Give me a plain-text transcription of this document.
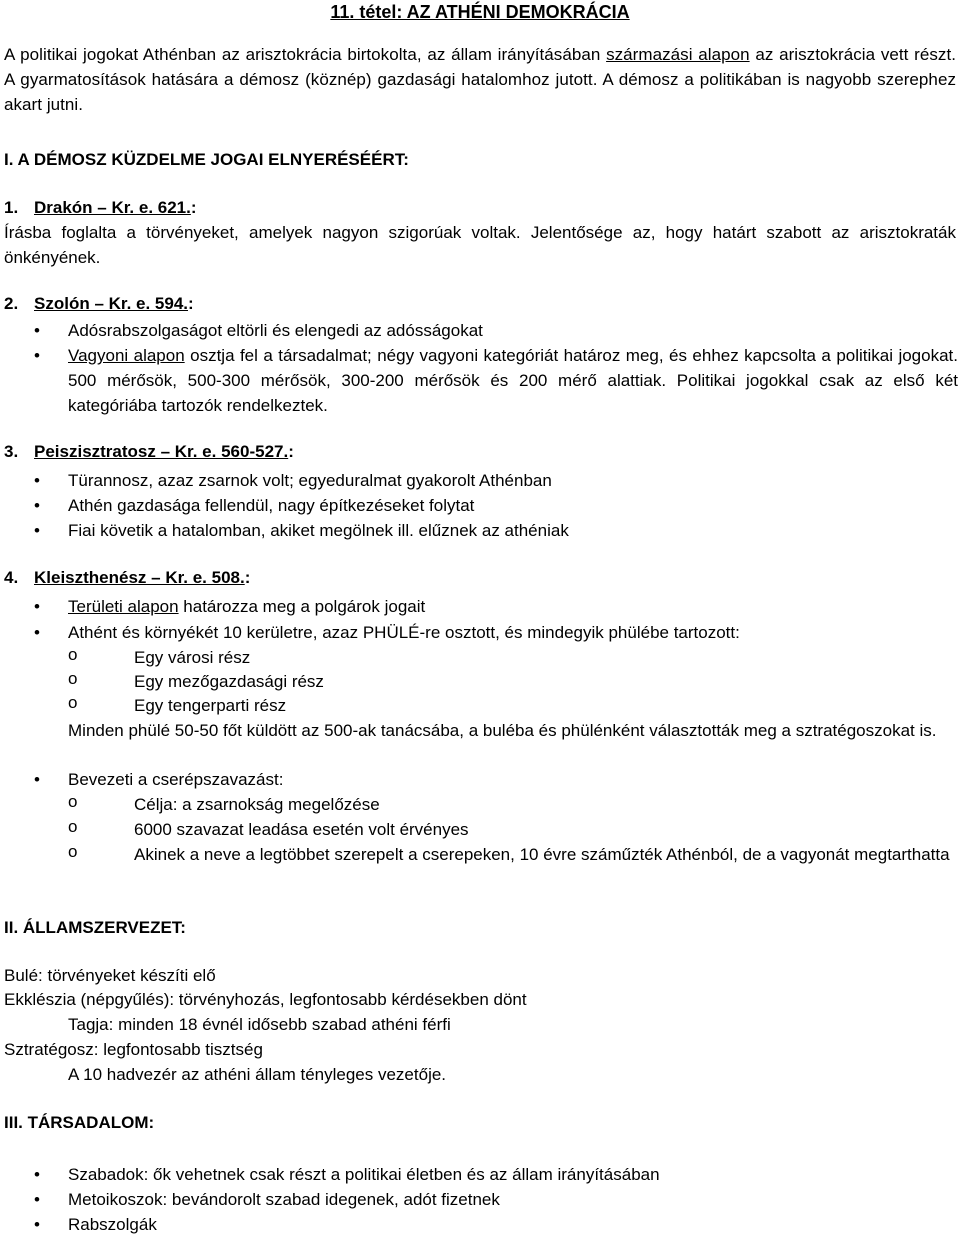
11. tétel: AZ ATHÉNI DEMOKRÁCIA
A politikai jogokat Athénban az arisztokrácia birtokolta, az állam irányításában származási alapon az arisztokrácia vett részt. A gyarmatosítások hatására a démosz (köznép) gazdasági hatalomhoz jutott. A démosz a politikában is nagyobb szerephez akart jutni.
I. A DÉMOSZ KÜZDELME JOGAI ELNYERÉSÉÉRT:
1. Drakón – Kr. e. 621.:
Írásba foglalta a törvényeket, amelyek nagyon szigorúak voltak. Jelentősége az, hogy határt szabott az arisztokraták önkényének.
2. Szolón – Kr. e. 594.:
• Adósrabszolgaságot eltörli és elengedi az adósságokat
• Vagyoni alapon osztja fel a társadalmat; négy vagyoni kategóriát határoz meg, és ehhez kapcsolta a politikai jogokat. 500 mérősök, 500-300 mérősök, 300-200 mérősök és 200 mérő alattiak. Politikai jogokkal csak az első két kategóriába tartozók rendelkeztek.
3. Peiszisztratosz – Kr. e. 560-527.:
• Türannosz, azaz zsarnok volt; egyeduralmat gyakorolt Athénban
• Athén gazdasága fellendül, nagy építkezéseket folytat
• Fiai követik a hatalomban, akiket megölnek ill. elűznek az athéniak
4. Kleiszthenész – Kr. e. 508.:
• Területi alapon határozza meg a polgárok jogait
• Athént és környékét 10 kerületre, azaz PHÜLÉ-re osztott, és mindegyik phülébe tartozott:
o	Egy városi rész
o	Egy mezőgazdasági rész
o	Egy tengerparti rész
Minden phülé 50-50 főt küldött az 500-ak tanácsába, a buléba és phülénként választották meg a sztratégoszokat is.
• Bevezeti a cserépszavazást:
o	Célja: a zsarnokság megelőzése
o	6000 szavazat leadása esetén volt érvényes
o	Akinek a neve a legtöbbet szerepelt a cserepeken, 10 évre száműzték Athénból, de a vagyonát megtarthatta
II. ÁLLAMSZERVEZET:
Bulé: törvényeket készíti elő
Ekklészia (népgyűlés): törvényhozás, legfontosabb kérdésekben dönt
Tagja: minden 18 évnél idősebb szabad athéni férfi
Sztratégosz: legfontosabb tisztség
A 10 hadvezér az athéni állam tényleges vezetője.
III. TÁRSADALOM:
• Szabadok: ők vehetnek csak részt a politikai életben és az állam irányításában
• Metoikoszok: bevándorolt szabad idegenek, adót fizetnek
• Rabszolgák
